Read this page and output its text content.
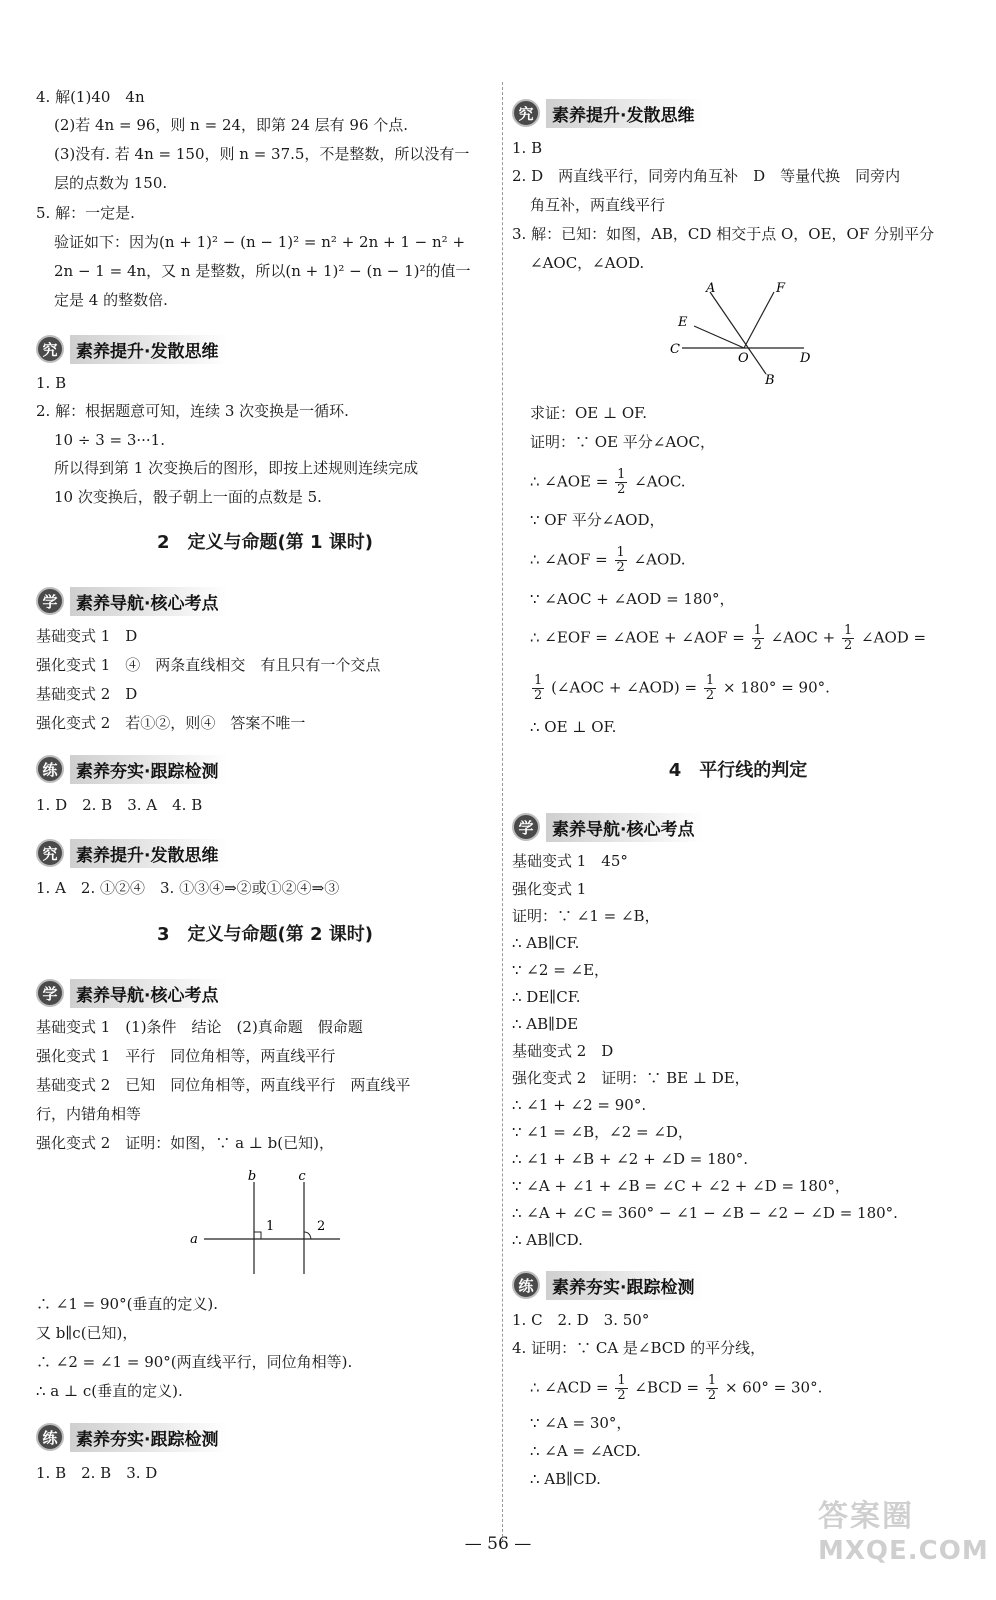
4. 解(1)40　4n
(2)若 4n = 96，则 n = 24，即第 24 层有 96 个点.
(3)没有. 若 4n = 150，则 n = 37.5，不是整数，所以没有一
层的点数为 150.
5. 解：一定是.
验证如下：因为(n + 1)² − (n − 1)² = n² + 2n + 1 − n² +
2n − 1 = 4n，又 n 是整数，所以(n + 1)² − (n − 1)²的值一
定是 4 的整数倍.
究	素养提升·发散思维
1. B
2. 解：根据题意可知，连续 3 次变换是一循环.
10 ÷ 3 = 3···1.
所以得到第 1 次变换后的图形，即按上述规则连续完成
10 次变换后，骰子朝上一面的点数是 5.
2　定义与命题(第 1 课时)
学	素养导航·核心考点
基础变式 1　D
强化变式 1　④　两条直线相交　有且只有一个交点
基础变式 2　D
强化变式 2　若①②，则④　答案不唯一
练	素养夯实·跟踪检测
1. D　2. B　3. A　4. B
究	素养提升·发散思维
1. A　2. ①②④　3. ①③④⇒②或①②④⇒③
3　定义与命题(第 2 课时)
学	素养导航·核心考点
基础变式 1　(1)条件　结论　(2)真命题　假命题
强化变式 1　平行　同位角相等，两直线平行
基础变式 2　已知　同位角相等，两直线平行　两直线平
行，内错角相等
强化变式 2　证明：如图，∵ a ⊥ b(已知)，
b	c
a
1	2
∴ ∠1 = 90°(垂直的定义).
又 b∥c(已知)，
∴ ∠2 = ∠1 = 90°(两直线平行，同位角相等).
∴ a ⊥ c(垂直的定义).
练	素养夯实·跟踪检测
1. B　2. B　3. D
究	素养提升·发散思维
1. B
2. D　两直线平行，同旁内角互补　D　等量代换　同旁内
角互补，两直线平行
3. 解：已知：如图，AB，CD 相交于点 O，OE，OF 分别平分
∠AOC，∠AOD.
A	F
E
C
O	D
B
求证：OE ⊥ OF.
证明：∵ OE 平分∠AOC，
∴ ∠AOE = $\frac{1}{2}$ ∠AOC.
∵ OF 平分∠AOD，
∴ ∠AOF = $\frac{1}{2}$ ∠AOD.
∵ ∠AOC + ∠AOD = 180°，
∴ ∠EOF = ∠AOE + ∠AOF = $\frac{1}{2}$ ∠AOC + $\frac{1}{2}$ ∠AOD =
$\frac{1}{2}$ (∠AOC + ∠AOD) = $\frac{1}{2} \times 180^\circ = 90^\circ$.
∴ OE ⊥ OF.
4　平行线的判定
学	素养导航·核心考点
基础变式 1　45°
强化变式 1
证明：∵ ∠1 = ∠B，
∴ AB∥CF.
∵ ∠2 = ∠E，
∴ DE∥CF.
∴ AB∥DE
基础变式 2　D
强化变式 2　证明：∵ BE ⊥ DE，
∴ ∠1 + ∠2 = 90°.
∵ ∠1 = ∠B，∠2 = ∠D，
∴ ∠1 + ∠B + ∠2 + ∠D = 180°.
∵ ∠A + ∠1 + ∠B = ∠C + ∠2 + ∠D = 180°，
∴ ∠A + ∠C = 360° − ∠1 − ∠B − ∠2 − ∠D = 180°.
∴ AB∥CD.
练	素养夯实·跟踪检测
1. C　2. D　3. 50°
4. 证明：∵ CA 是∠BCD 的平分线，
∴ ∠ACD = $\frac{1}{2}$ ∠BCD = $\frac{1}{2} \times 60^\circ = 30^\circ$.
∵ ∠A = 30°，
∴ ∠A = ∠ACD.
∴ AB∥CD.
— 56 —
答案圈
MXQE.COM
